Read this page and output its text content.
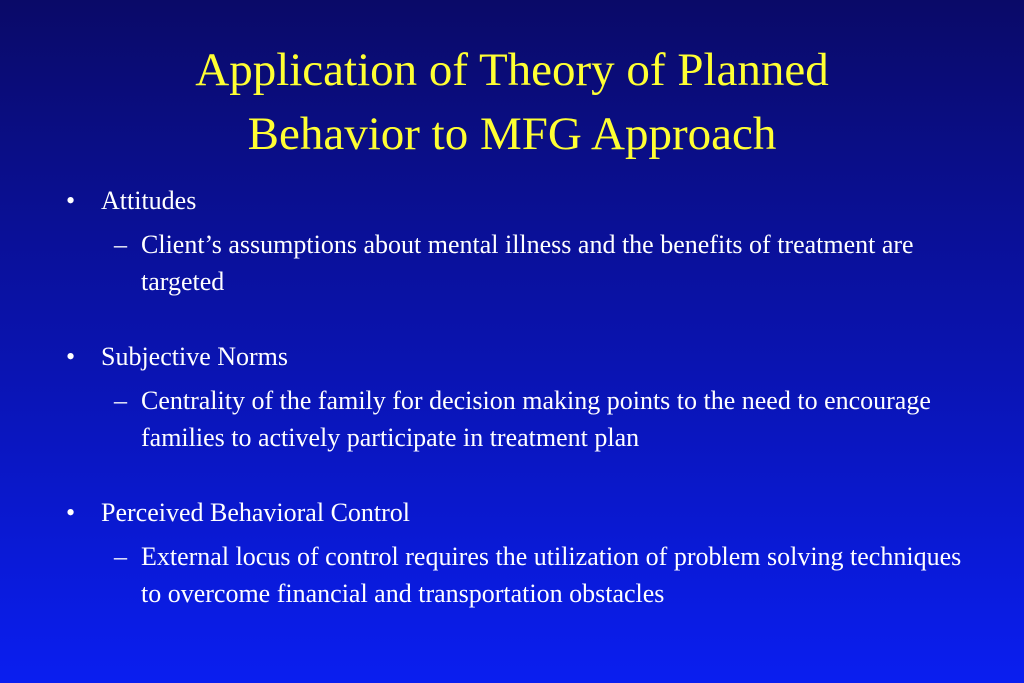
Application of Theory of Planned
Behavior to MFG Approach
• Attitudes
– Client’s assumptions about mental illness and the benefits of treatment are targeted
• Subjective Norms
– Centrality of the family for decision making points to the need to encourage families to actively participate in treatment plan
• Perceived Behavioral Control
– External locus of control requires the utilization of problem solving techniques to overcome financial and transportation obstacles
